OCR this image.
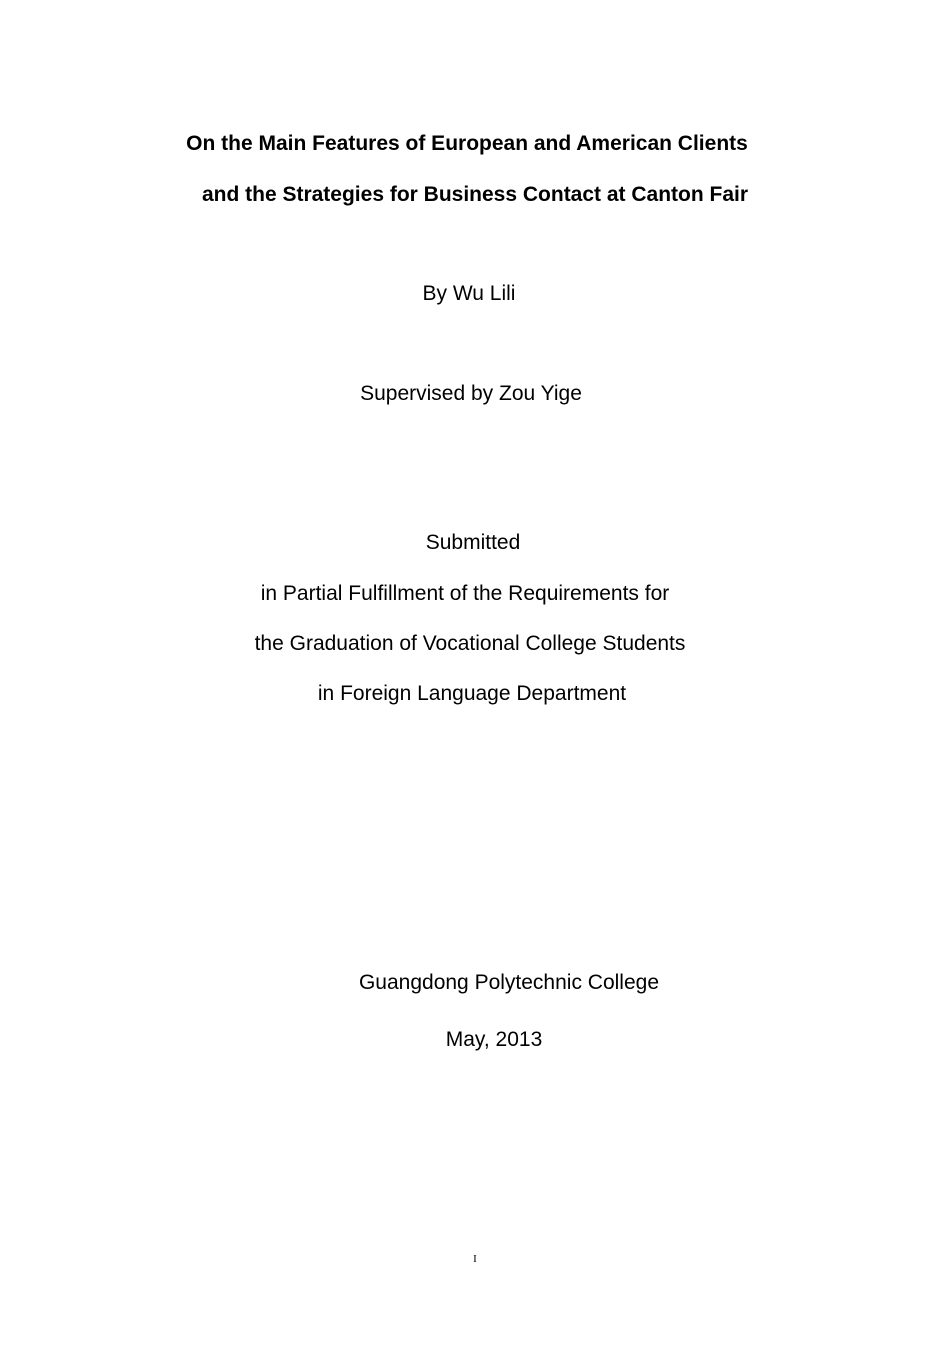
On the Main Features of European and American Clients
and the Strategies for Business Contact at Canton Fair
By Wu Lili
Supervised by Zou Yige
Submitted
in Partial Fulfillment of the Requirements for
the Graduation of Vocational College Students
in Foreign Language Department
Guangdong Polytechnic College
May, 2013
I
